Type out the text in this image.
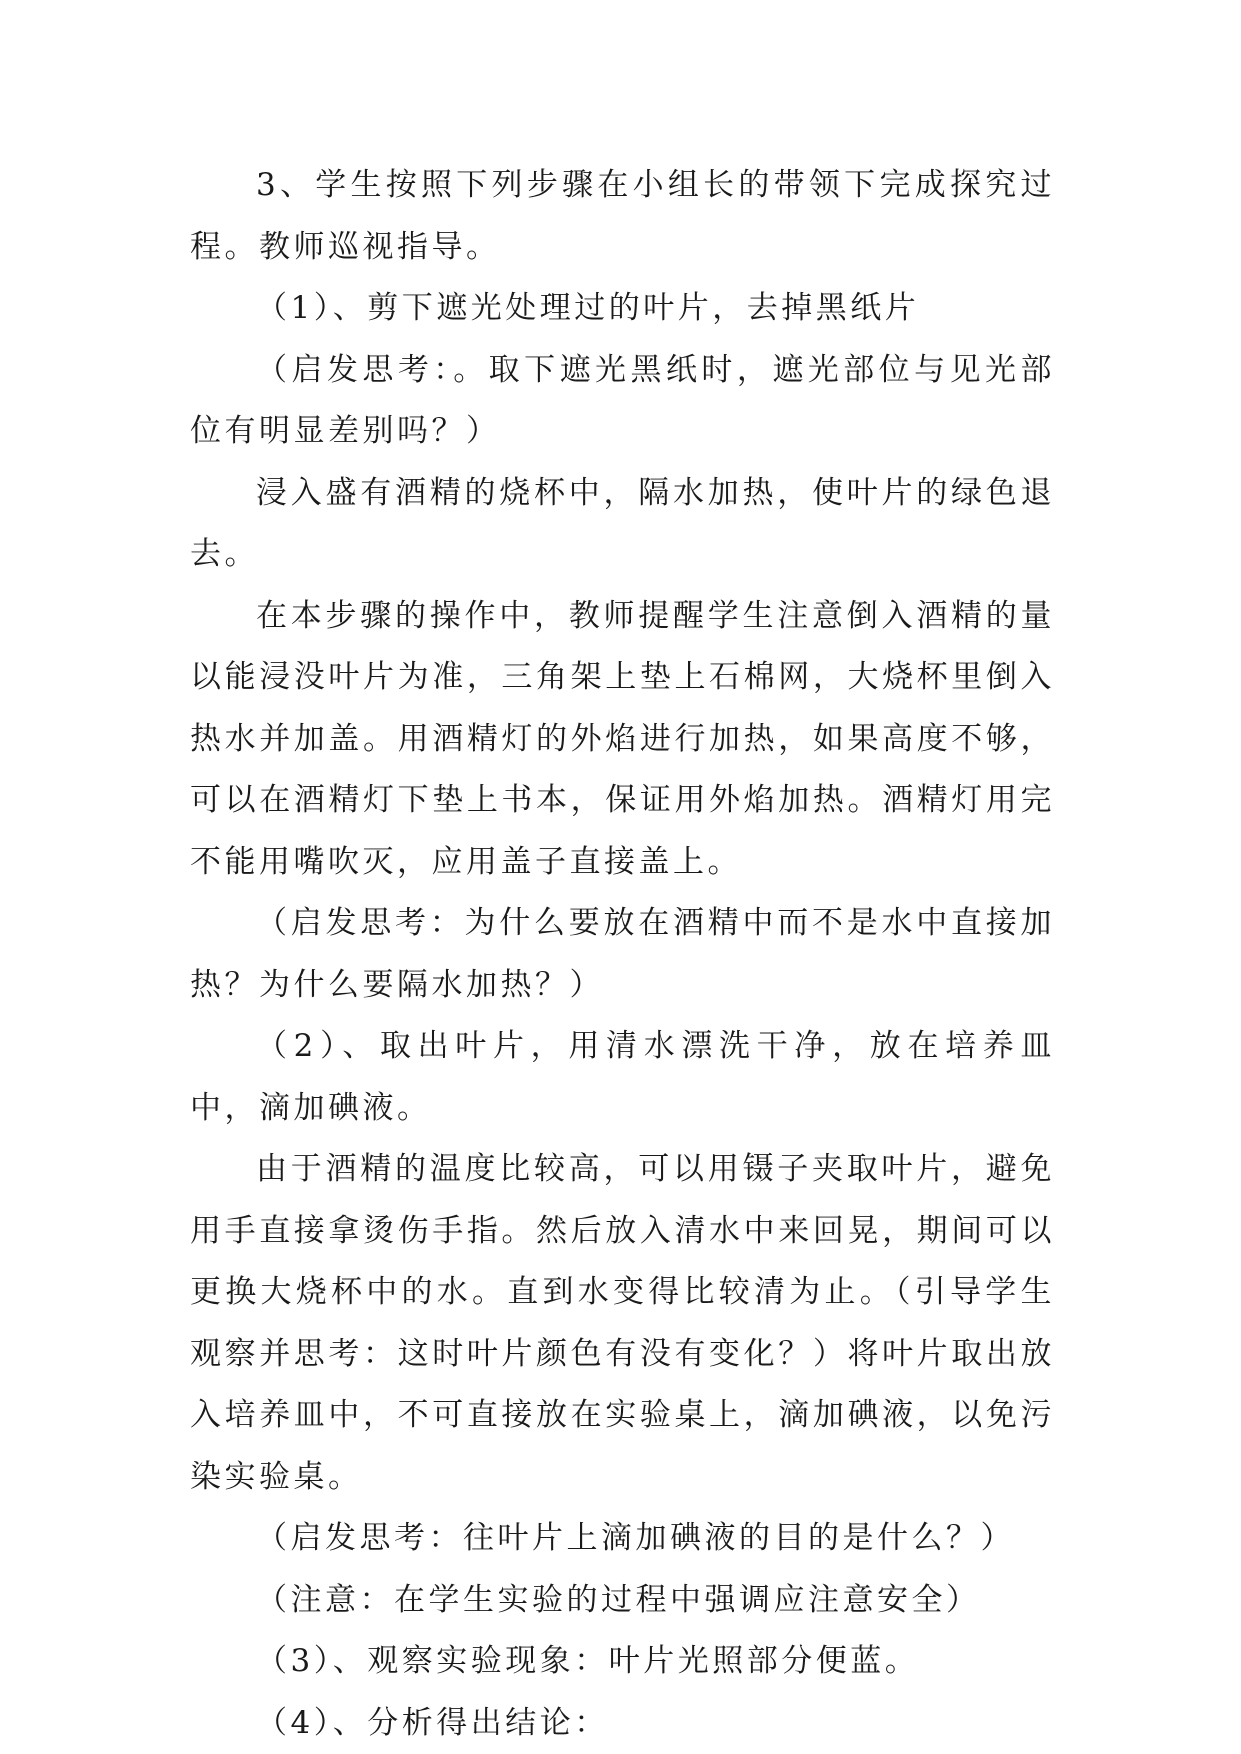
3、学生按照下列步骤在小组长的带领下完成探究过程。教师巡视指导。

（1）、剪下遮光处理过的叶片，去掉黑纸片

（启发思考：。取下遮光黑纸时，遮光部位与见光部位有明显差别吗？）

浸入盛有酒精的烧杯中，隔水加热，使叶片的绿色退去。

在本步骤的操作中，教师提醒学生注意倒入酒精的量以能浸没叶片为准，三角架上垫上石棉网，大烧杯里倒入热水并加盖。用酒精灯的外焰进行加热，如果高度不够，可以在酒精灯下垫上书本，保证用外焰加热。酒精灯用完不能用嘴吹灭，应用盖子直接盖上。

（启发思考：为什么要放在酒精中而不是水中直接加热？为什么要隔水加热？）

（2）、取出叶片，用清水漂洗干净，放在培养皿中，滴加碘液。

由于酒精的温度比较高，可以用镊子夹取叶片，避免用手直接拿烫伤手指。然后放入清水中来回晃，期间可以更换大烧杯中的水。直到水变得比较清为止。（引导学生观察并思考：这时叶片颜色有没有变化？）将叶片取出放入培养皿中，不可直接放在实验桌上，滴加碘液，以免污染实验桌。

（启发思考：往叶片上滴加碘液的目的是什么？）

（注意：在学生实验的过程中强调应注意安全）

（3）、观察实验现象：叶片光照部分便蓝。

（4）、分析得出结论：
